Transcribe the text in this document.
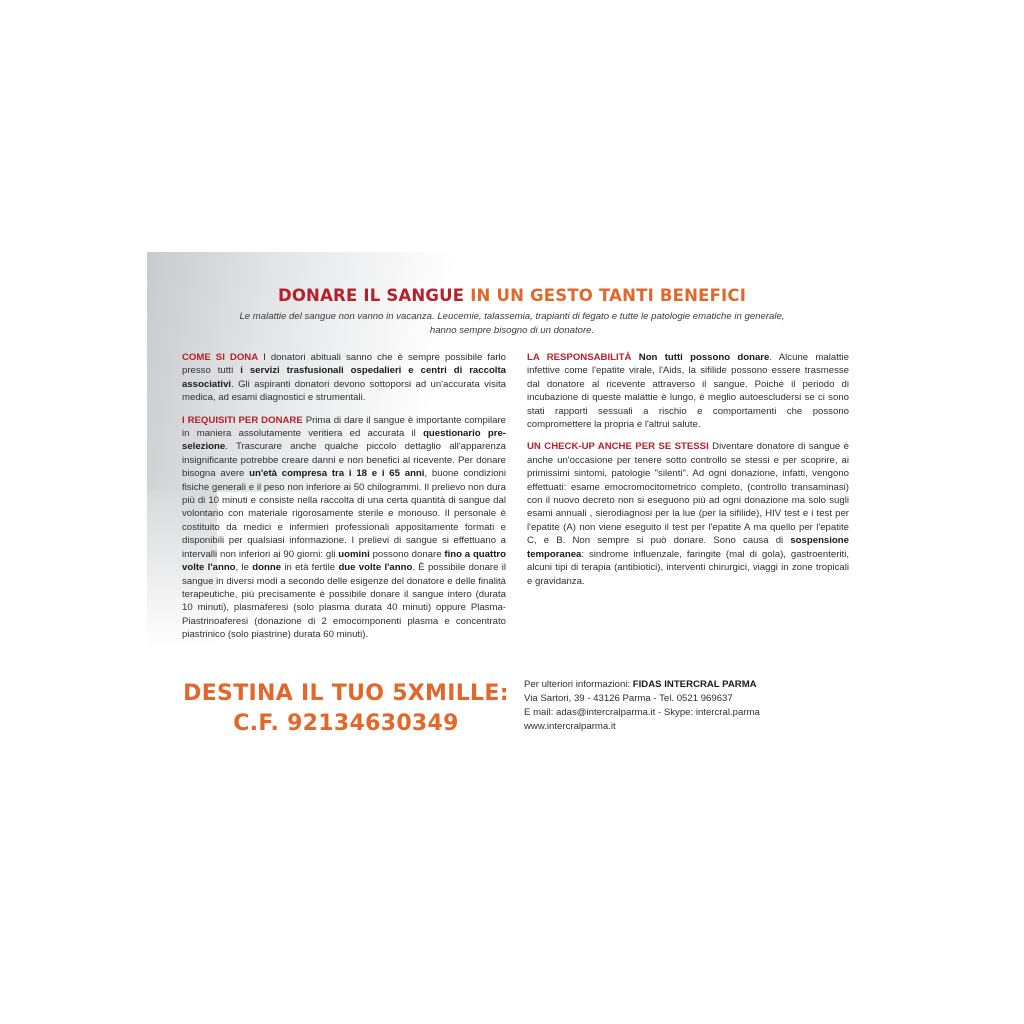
DONARE IL SANGUE IN UN GESTO TANTI BENEFICI
Le malattie del sangue non vanno in vacanza. Leucemie, talassemia, trapianti di fegato e tutte le patologie ematiche in generale,
hanno sempre bisogno di un donatore.

COME SI DONA I donatori abituali sanno che è sempre possibile farlo presso tutti i servizi trasfusionali ospedalieri e centri di raccolta associativi. Gli aspiranti donatori devono sottoporsi ad un'accurata visita medica, ad esami diagnostici e strumentali.

I REQUISITI PER DONARE Prima di dare il sangue è importante compilare in maniera assolutamente veritiera ed accurata il questionario pre-selezione. Trascurare anche qualche piccolo dettaglio all'apparenza insignificante potrebbe creare danni e non benefici al ricevente. Per donare bisogna avere un'età compresa tra i 18 e i 65 anni, buone condizioni fisiche generali e il peso non inferiore ai 50 chilogrammi. Il prelievo non dura più di 10 minuti e consiste nella raccolta di una certa quantità di sangue dal volontario con materiale rigorosamente sterile e monouso. Il personale è costituito da medici e infermieri professionali appositamente formati e disponibili per qualsiasi informazione. I prelievi di sangue si effettuano a intervalli non inferiori ai 90 giorni: gli uomini possono donare fino a quattro volte l'anno, le donne in età fertile due volte l'anno. È possibile donare il sangue in diversi modi a secondo delle esigenze del donatore e delle finalità terapeutiche, più precisamente è possibile donare il sangue intero (durata 10 minuti), plasmaferesi (solo plasma durata 40 minuti) oppure Plasma-Piastrinoaferesi (donazione di 2 emocomponenti plasma e concentrato piastrinico (solo piastrine) durata 60 minuti).

LA RESPONSABILITÀ Non tutti possono donare. Alcune malattie infettive come l'epatite virale, l'Aids, la sifilide possono essere trasmesse dal donatore al ricevente attraverso il sangue. Poiché il periodo di incubazione di queste malattie è lungo, è meglio autoescludersi se ci sono stati rapporti sessuali a rischio e comportamenti che possono compromettere la propria e l'altrui salute.

UN CHECK-UP ANCHE PER SE STESSI Diventare donatore di sangue è anche un'occasione per tenere sotto controllo se stessi e per scoprire, ai primissimi sintomi, patologie "silenti". Ad ogni donazione, infatti, vengono effettuati: esame emocromocitometrico completo, (controllo transaminasi) con il nuovo decreto non si eseguono più ad ogni donazione ma solo sugli esami annuali , sierodiagnosi per la lue (per la sifilide), HIV test e i test per l'epatite (A) non viene eseguito il test per l'epatite A ma quello per l'epatite C, e B. Non sempre si può donare. Sono causa di sospensione temporanea: sindrome influenzale, faringite (mal di gola), gastroenteriti, alcuni tipi di terapia (antibiotici), interventi chirurgici, viaggi in zone tropicali e gravidanza.

DESTINA IL TUO 5XMILLE:
C.F. 92134630349
Per ulteriori informazioni: FIDAS INTERCRAL PARMA
Via Sartori, 39 - 43126 Parma - Tel. 0521 969637
E mail: adas@intercralparma.it - Skype: intercral.parma
www.intercralparma.it
